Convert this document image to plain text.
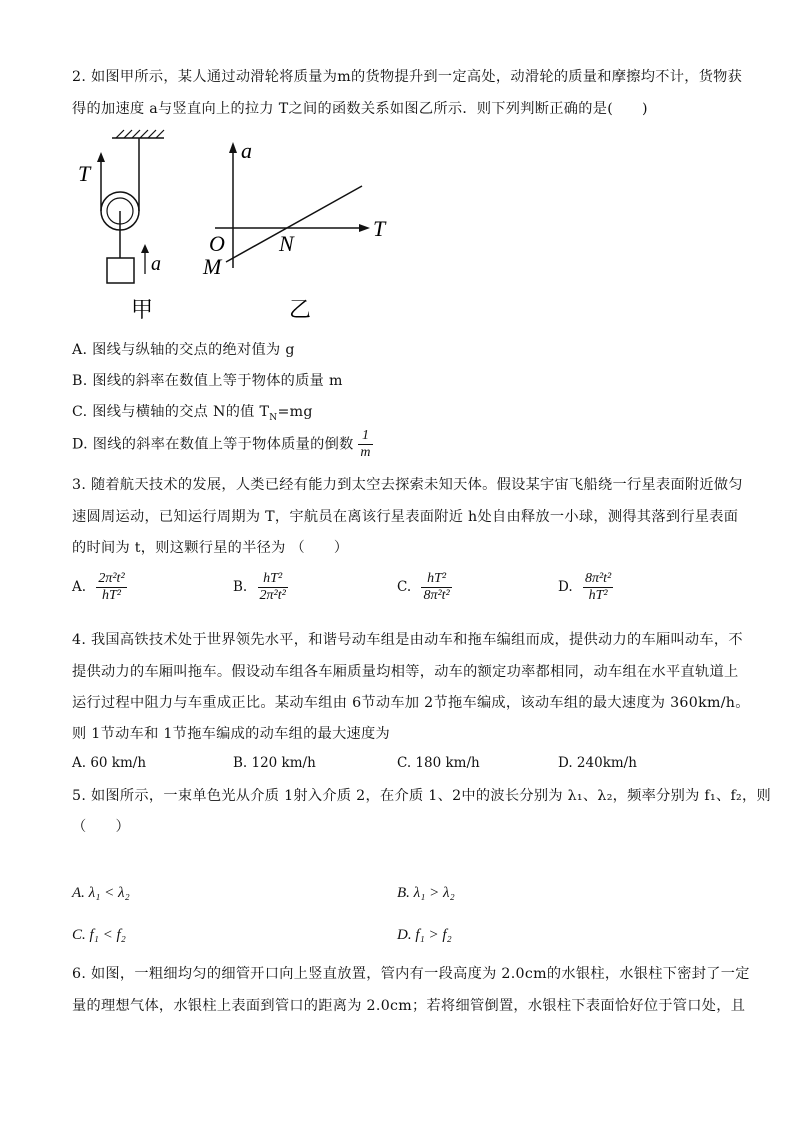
2. 如图甲所示，某人通过动滑轮将质量为m的货物提升到一定高处，动滑轮的质量和摩擦均不计，货物获
得的加速度 a与竖直向上的拉力 T之间的函数关系如图乙所示．则下列判断正确的是(　　)
T
a
甲
a
T
O N
M
乙
A. 图线与纵轴的交点的绝对值为 g
B. 图线的斜率在数值上等于物体的质量 m
C. 图线与横轴的交点 N的值 $T_N=mg$
D. 图线的斜率在数值上等于物体质量的倒数 $\frac{1}{m}$
3. 随着航天技术的发展，人类已经有能力到太空去探索未知天体。假设某宇宙飞船绕一行星表面附近做匀
速圆周运动，已知运行周期为 T，宇航员在离该行星表面附近 h处自由释放一小球，测得其落到行星表面
的时间为 t，则这颗行星的半径为 （　　）
A. $\frac{\text{2π²t²}}{\text{hT²}}$	B. $\frac{\text{hT²}}{\text{2π²t²}}$	C. $\frac{\text{hT²}}{\text{8π²t²}}$	D. $\frac{\text{8π²t²}}{\text{hT²}}$
4. 我国高铁技术处于世界领先水平，和谐号动车组是由动车和拖车编组而成，提供动力的车厢叫动车，不
提供动力的车厢叫拖车。假设动车组各车厢质量均相等，动车的额定功率都相同，动车组在水平直轨道上
运行过程中阻力与车重成正比。某动车组由 6节动车加 2节拖车编成，该动车组的最大速度为 360km/h。
则 1节动车和 1节拖车编成的动车组的最大速度为
A. 60 km/h	B. 120 km/h	C. 180 km/h	D. 240km/h
5. 如图所示，一束单色光从介质 1射入介质 2，在介质 1、2中的波长分别为 λ₁、λ₂，频率分别为 f₁、f₂，则
（　　）
A. λ₁ < λ₂	B. λ₁ > λ₂
C. f₁ < f₂	D. f₁ > f₂
6. 如图，一粗细均匀的细管开口向上竖直放置，管内有一段高度为 2.0cm的水银柱，水银柱下密封了一定
量的理想气体，水银柱上表面到管口的距离为 2.0cm；若将细管倒置，水银柱下表面恰好位于管口处，且
